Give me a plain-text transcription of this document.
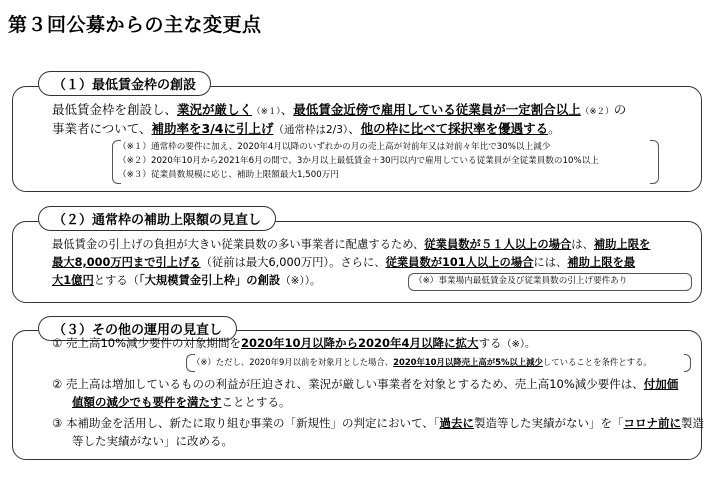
第３回公募からの主な変更点
（１）最低賃金枠の創設
最低賃金枠を創設し、業況が厳しく（※１）、最低賃金近傍で雇用している従業員が一定割合以上（※２）の
事業者について、補助率を3/4に引上げ（通常枠は2/3）、他の枠に比べて採択率を優遇する。
（※１）通常枠の要件に加え、2020年4月以降のいずれかの月の売上高が対前年又は対前々年比で30%以上減少
（※２）2020年10月から2021年6月の間で、3か月以上最低賃金＋30円以内で雇用している従業員が全従業員数の10%以上
（※３）従業員数規模に応じ、補助上限額最大1,500万円
（２）通常枠の補助上限額の見直し
最低賃金の引上げの負担が大きい従業員数の多い事業者に配慮するため、従業員数が５１人以上の場合は、補助上限を
最大8,000万円まで引上げる（従前は最大6,000万円）。さらに、従業員数が101人以上の場合には、補助上限を最
大1億円とする（「大規模賃金引上枠」の創設（※））。	（※）事業場内最低賃金及び従業員数の引上げ要件あり
（３）その他の運用の見直し
① 売上高10%減少要件の対象期間を2020年10月以降から2020年4月以降に拡大する（※）。
（※）ただし、2020年9月以前を対象月とした場合、2020年10月以降売上高が5%以上減少していることを条件とする。
② 売上高は増加しているものの利益が圧迫され、業況が厳しい事業者を対象とするため、売上高10%減少要件は、付加価
値額の減少でも要件を満たすこととする。
③ 本補助金を活用し、新たに取り組む事業の「新規性」の判定において、「過去に製造等した実績がない」を「コロナ前に製造
等した実績がない」に改める。
